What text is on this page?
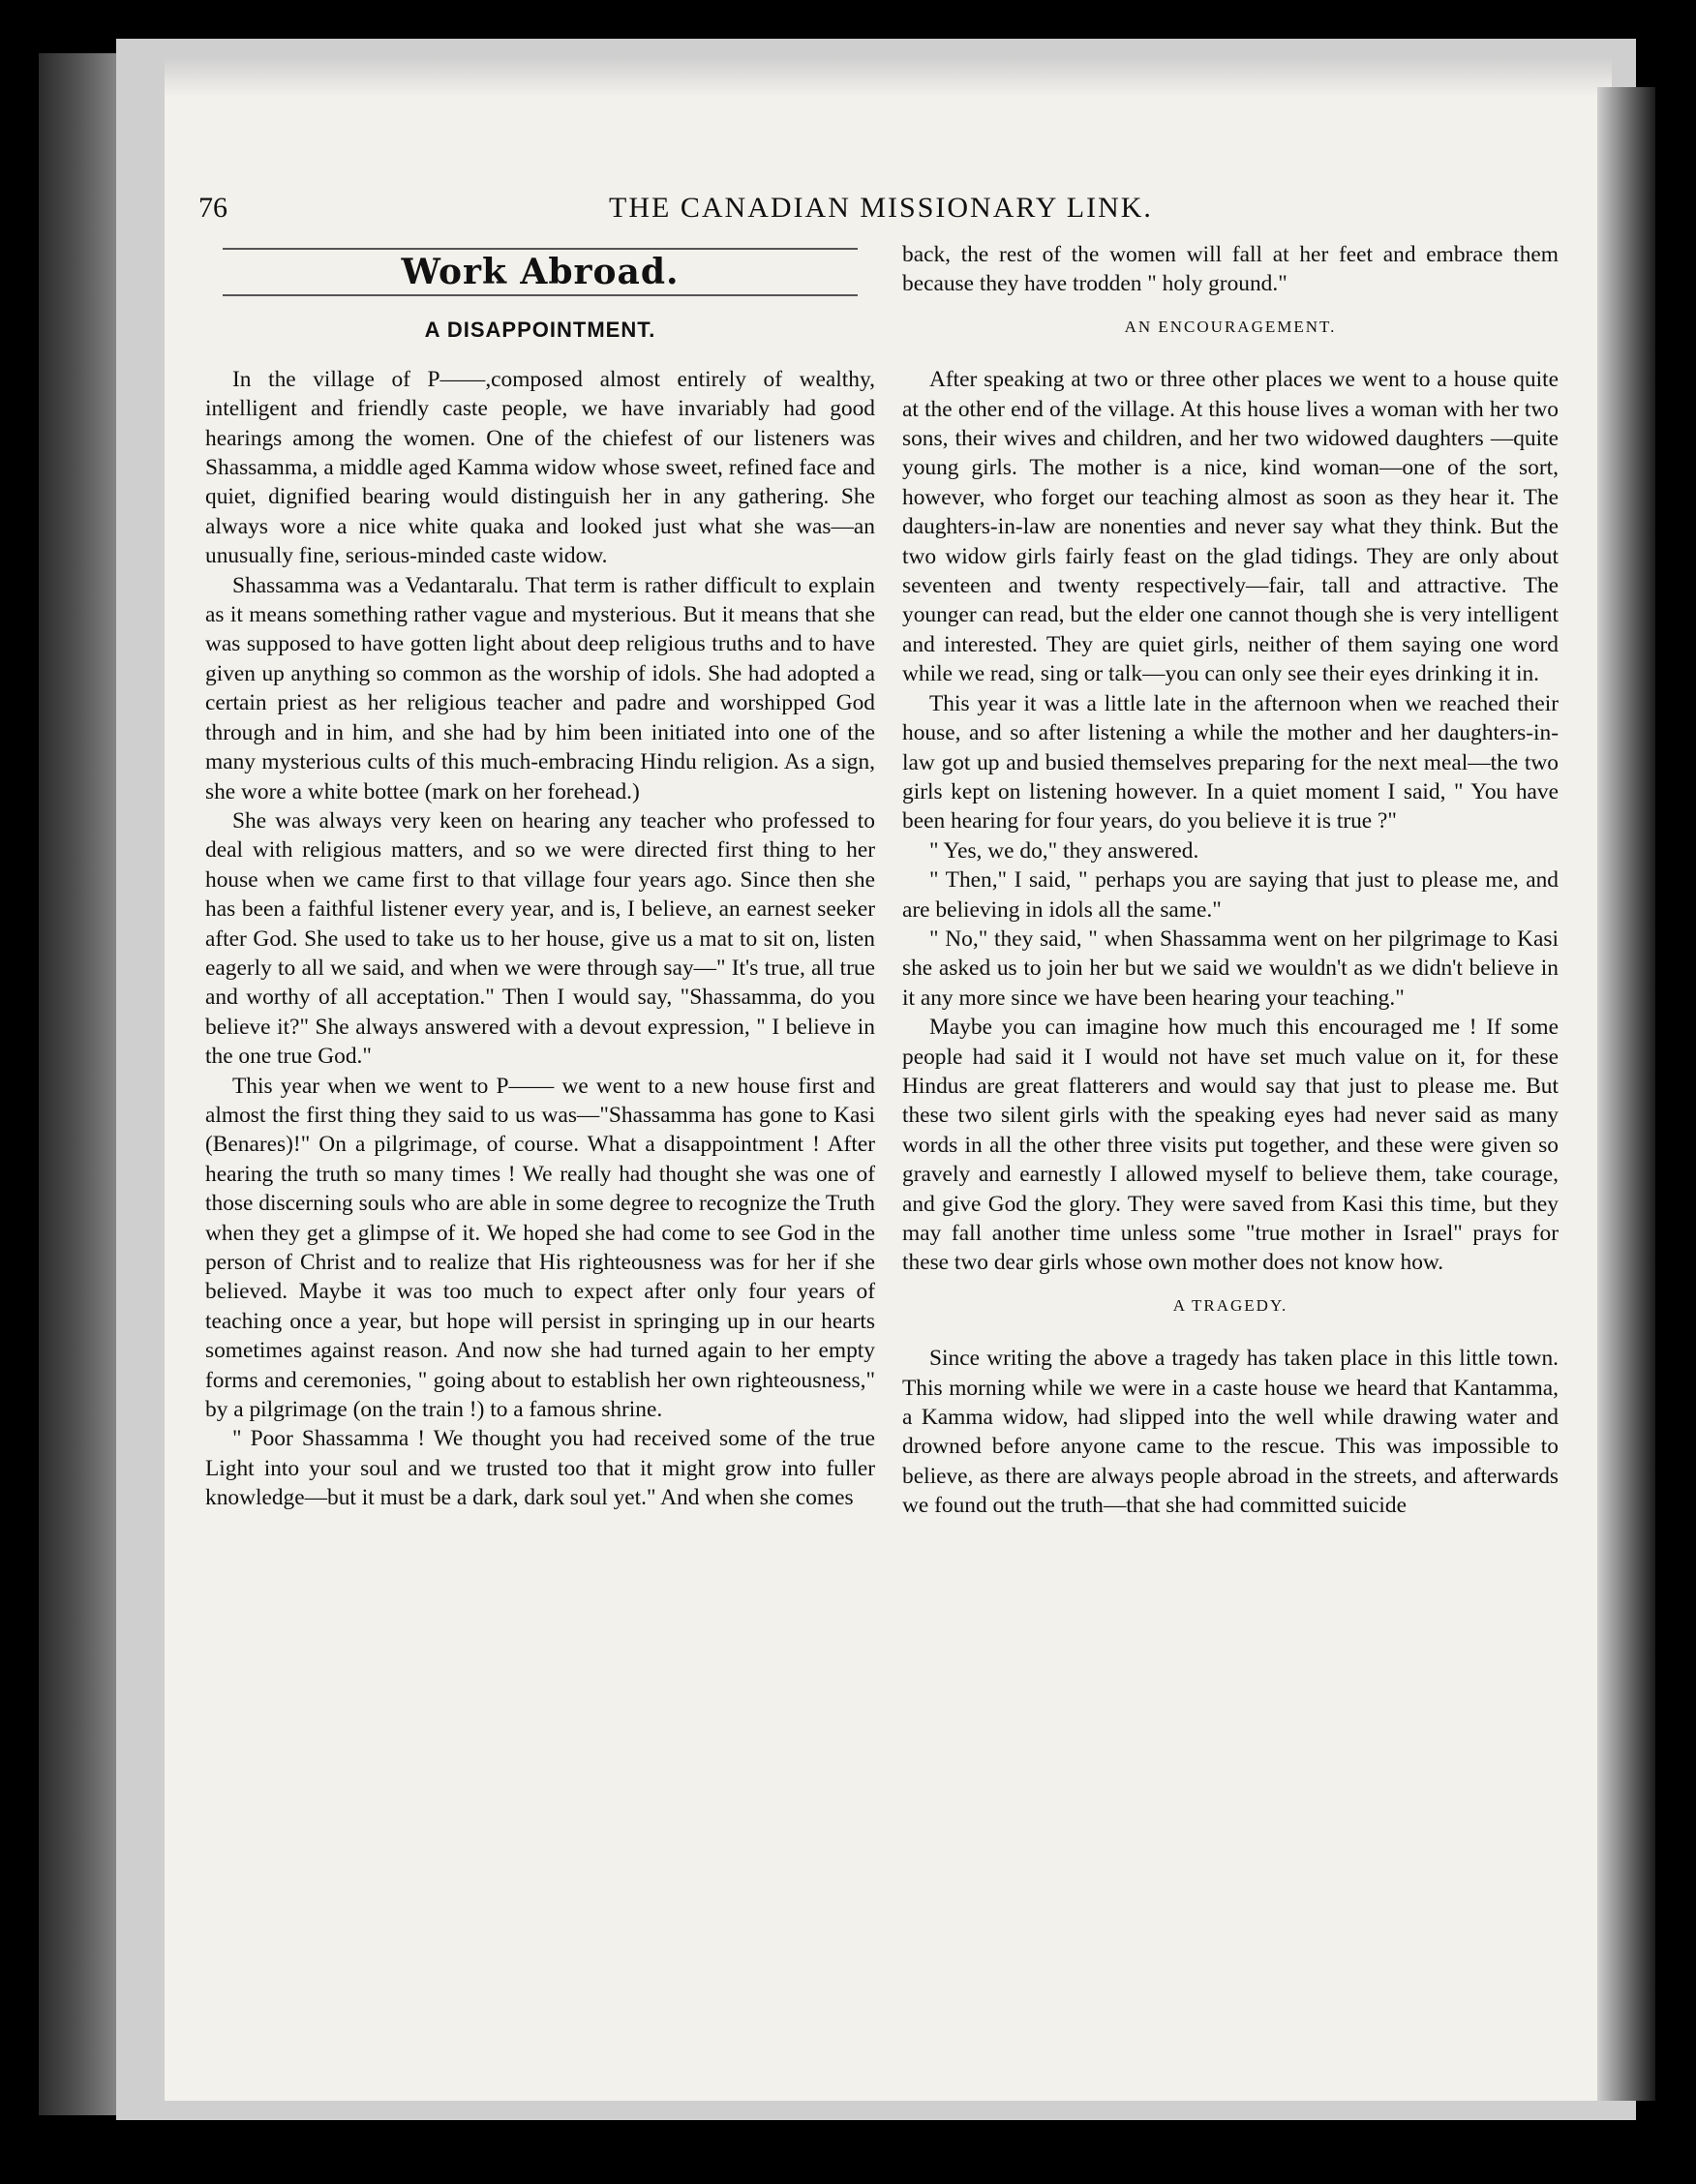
76	THE CANADIAN MISSIONARY LINK.
Work Abroad.
A DISAPPOINTMENT.

In the village of P——,composed almost entirely of wealthy, intelligent and friendly caste people, we have invariably had good hearings among the women. One of the chiefest of our listeners was Shassamma, a middle aged Kamma widow whose sweet, refined face and quiet, dignified bearing would distinguish her in any gathering. She always wore a nice white quaka and looked just what she was—an unusually fine, serious-minded caste widow.

Shassamma was a Vedantaralu. That term is rather difficult to explain as it means something rather vague and mysterious. But it means that she was supposed to have gotten light about deep religious truths and to have given up anything so common as the worship of idols. She had adopted a certain priest as her religious teacher and padre and worshipped God through and in him, and she had by him been initiated into one of the many mysterious cults of this much-embracing Hindu religion. As a sign, she wore a white bottee (mark on her forehead.)

She was always very keen on hearing any teacher who professed to deal with religious matters, and so we were directed first thing to her house when we came first to that village four years ago. Since then she has been a faithful listener every year, and is, I believe, an earnest seeker after God. She used to take us to her house, give us a mat to sit on, listen eagerly to all we said, and when we were through say—" It's true, all true and worthy of all acceptation." Then I would say, "Shassamma, do you believe it?" She always answered with a devout expression, " I believe in the one true God."

This year when we went to P—— we went to a new house first and almost the first thing they said to us was—"Shassamma has gone to Kasi (Benares)!" On a pilgrimage, of course. What a disappointment ! After hearing the truth so many times ! We really had thought she was one of those discerning souls who are able in some degree to recognize the Truth when they get a glimpse of it. We hoped she had come to see God in the person of Christ and to realize that His righteousness was for her if she believed. Maybe it was too much to expect after only four years of teaching once a year, but hope will persist in springing up in our hearts sometimes against reason. And now she had turned again to her empty forms and ceremonies, " going about to establish her own righteousness," by a pilgrimage (on the train !) to a famous shrine.

" Poor Shassamma ! We thought you had received some of the true Light into your soul and we trusted too that it might grow into fuller knowledge—but it must be a dark, dark soul yet." And when she comes

back, the rest of the women will fall at her feet and embrace them because they have trodden " holy ground."

AN ENCOURAGEMENT.

After speaking at two or three other places we went to a house quite at the other end of the village. At this house lives a woman with her two sons, their wives and children, and her two widowed daughters —quite young girls. The mother is a nice, kind woman—one of the sort, however, who forget our teaching almost as soon as they hear it. The daughters-in-law are nonenties and never say what they think. But the two widow girls fairly feast on the glad tidings. They are only about seventeen and twenty respectively—fair, tall and attractive. The younger can read, but the elder one cannot though she is very intelligent and interested. They are quiet girls, neither of them saying one word while we read, sing or talk—you can only see their eyes drinking it in.

This year it was a little late in the afternoon when we reached their house, and so after listening a while the mother and her daughters-in-law got up and busied themselves preparing for the next meal—the two girls kept on listening however. In a quiet moment I said, " You have been hearing for four years, do you believe it is true ?"

" Yes, we do," they answered.

" Then," I said, " perhaps you are saying that just to please me, and are believing in idols all the same."

" No," they said, " when Shassamma went on her pilgrimage to Kasi she asked us to join her but we said we wouldn't as we didn't believe in it any more since we have been hearing your teaching."

Maybe you can imagine how much this encouraged me ! If some people had said it I would not have set much value on it, for these Hindus are great flatterers and would say that just to please me. But these two silent girls with the speaking eyes had never said as many words in all the other three visits put together, and these were given so gravely and earnestly I allowed myself to believe them, take courage, and give God the glory. They were saved from Kasi this time, but they may fall another time unless some "true mother in Israel" prays for these two dear girls whose own mother does not know how.

A TRAGEDY.

Since writing the above a tragedy has taken place in this little town. This morning while we were in a caste house we heard that Kantamma, a Kamma widow, had slipped into the well while drawing water and drowned before anyone came to the rescue. This was impossible to believe, as there are always people abroad in the streets, and afterwards we found out the truth—that she had committed suicide
